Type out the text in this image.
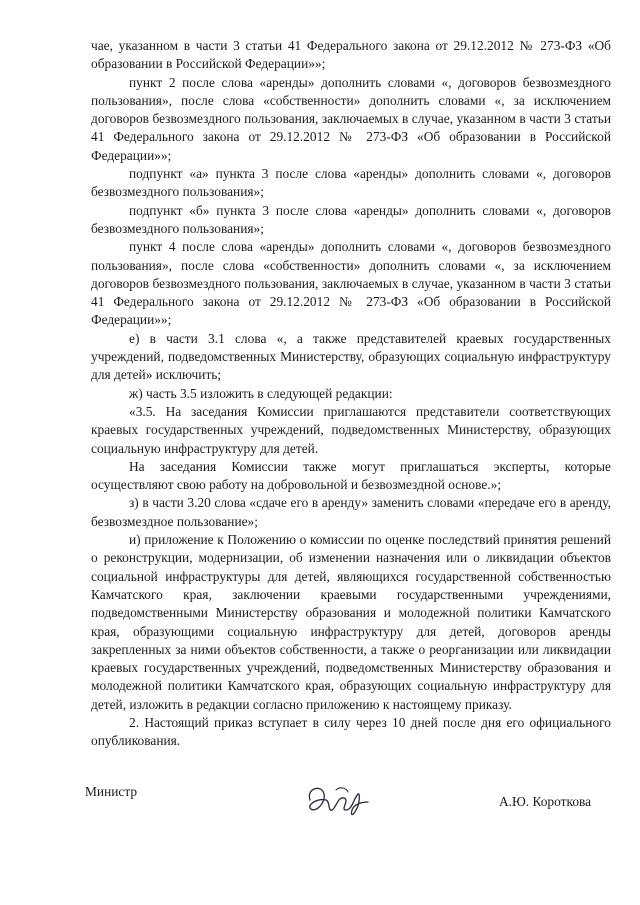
чае, указанном в части 3 статьи 41 Федерального закона от 29.12.2012 № 273-ФЗ «Об образовании в Российской Федерации»»;

пункт 2 после слова «аренды» дополнить словами «, договоров безвозмездного пользования», после слова «собственности» дополнить словами «, за исключением договоров безвозмездного пользования, заключаемых в случае, указанном в части 3 статьи 41 Федерального закона от 29.12.2012 № 273-ФЗ «Об образовании в Российской Федерации»»;

подпункт «а» пункта 3 после слова «аренды» дополнить словами «, договоров безвозмездного пользования»;

подпункт «б» пункта 3 после слова «аренды» дополнить словами «, договоров безвозмездного пользования»;

пункт 4 после слова «аренды» дополнить словами «, договоров безвозмездного пользования», после слова «собственности» дополнить словами «, за исключением договоров безвозмездного пользования, заключаемых в случае, указанном в части 3 статьи 41 Федерального закона от 29.12.2012 № 273-ФЗ «Об образовании в Российской Федерации»»;

е) в части 3.1 слова «, а также представителей краевых государственных учреждений, подведомственных Министерству, образующих социальную инфраструктуру для детей» исключить;

ж) часть 3.5 изложить в следующей редакции:

«3.5. На заседания Комиссии приглашаются представители соответствующих краевых государственных учреждений, подведомственных Министерству, образующих социальную инфраструктуру для детей.

На заседания Комиссии также могут приглашаться эксперты, которые осуществляют свою работу на добровольной и безвозмездной основе.»;

з) в части 3.20 слова «сдаче его в аренду» заменить словами «передаче его в аренду, безвозмездное пользование»;

и) приложение к Положению о комиссии по оценке последствий принятия решений о реконструкции, модернизации, об изменении назначения или о ликвидации объектов социальной инфраструктуры для детей, являющихся государственной собственностью Камчатского края, заключении краевыми государственными учреждениями, подведомственными Министерству образования и молодежной политики Камчатского края, образующими социальную инфраструктуру для детей, договоров аренды закрепленных за ними объектов собственности, а также о реорганизации или ликвидации краевых государственных учреждений, подведомственных Министерству образования и молодежной политики Камчатского края, образующих социальную инфраструктуру для детей, изложить в редакции согласно приложению к настоящему приказу.

2. Настоящий приказ вступает в силу через 10 дней после дня его официального опубликования.

Министр
А.Ю. Короткова
